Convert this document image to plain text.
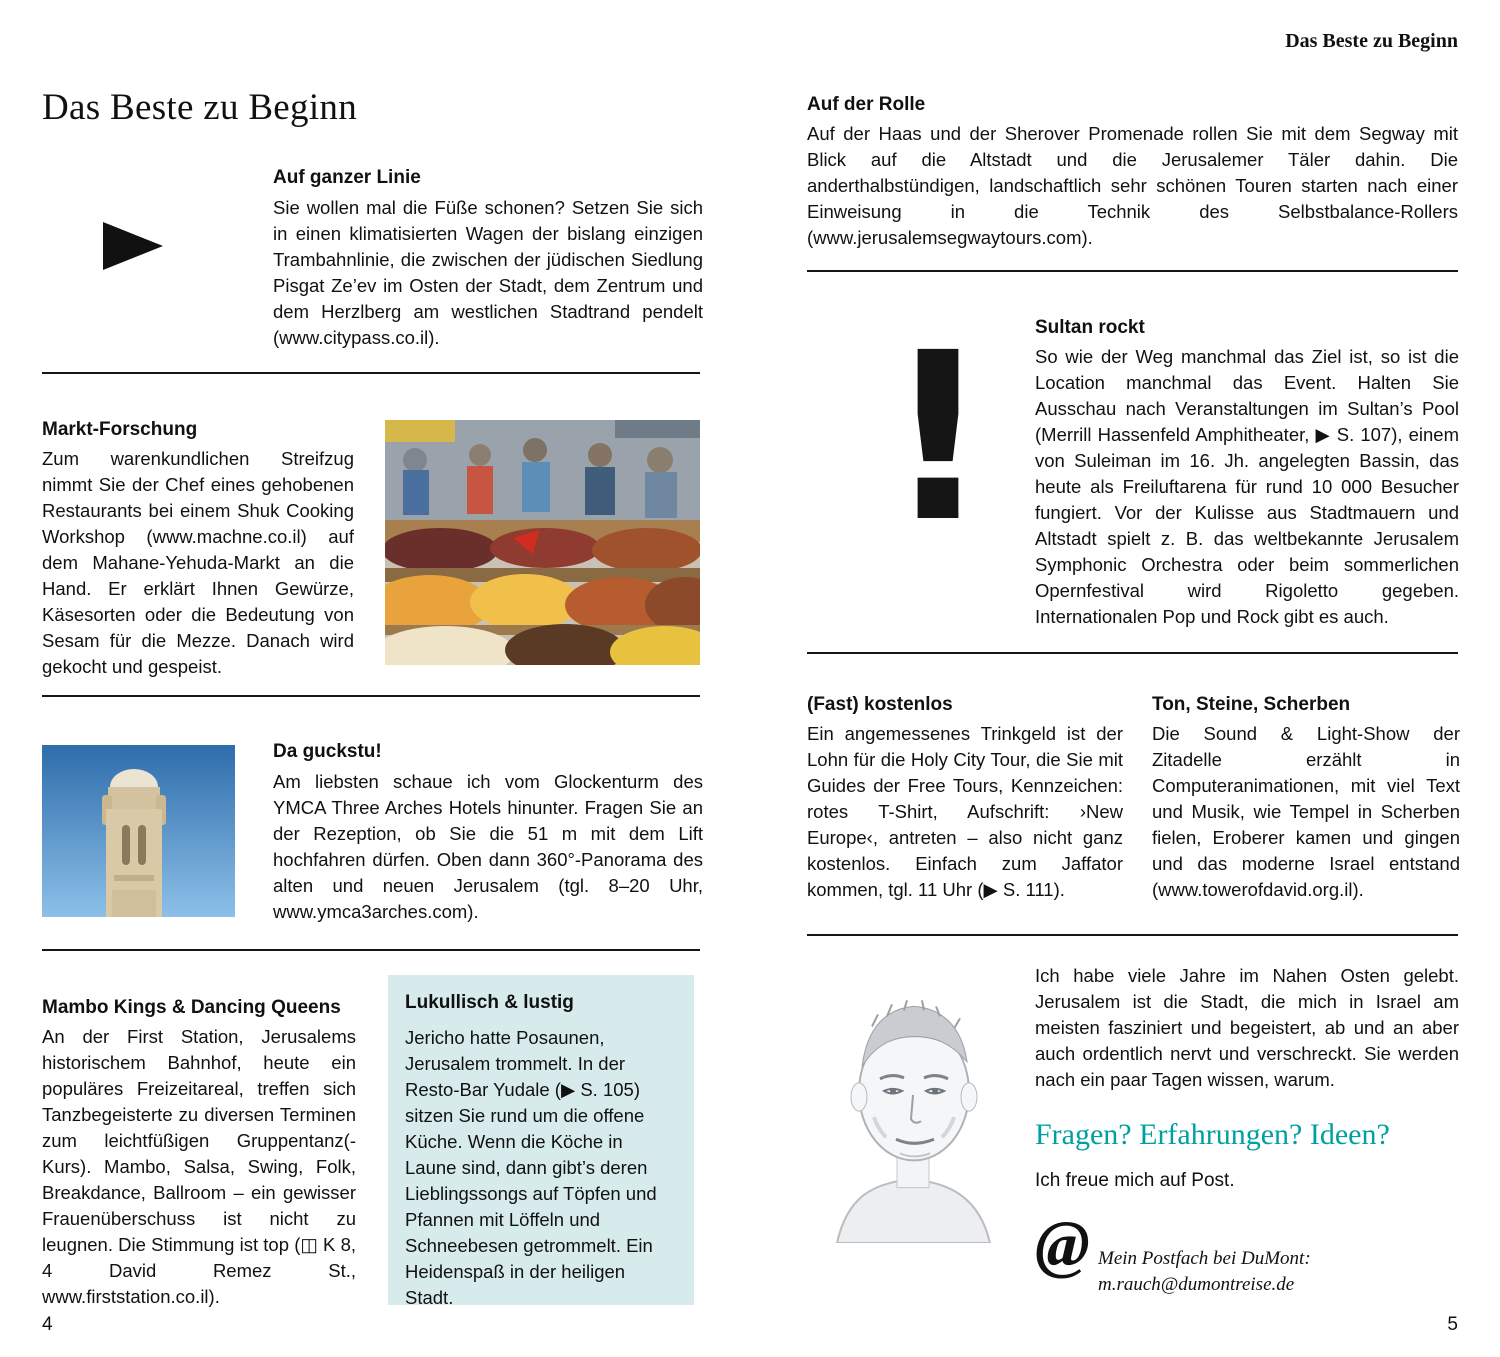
Das Beste zu Beginn
Auf ganzer Linie

Sie wollen mal die Füße schonen? Setzen Sie sich in einen klimatisierten Wagen der bislang einzigen Trambahnlinie, die zwischen der jüdischen Siedlung Pisgat Ze’ev im Osten der Stadt, dem Zentrum und dem Herzlberg am westlichen Stadtrand pendelt (www.citypass.co.il).

Markt-Forschung

Zum warenkundlichen Streifzug nimmt Sie der Chef eines gehobenen Restaurants bei einem Shuk Cooking Workshop (www.machne.co.il) auf dem Mahane-Yehuda-Markt an die Hand. Er erklärt Ihnen Gewürze, Käsesorten oder die Bedeutung von Sesam für die Mezze. Danach wird gekocht und gespeist.

Da guckstu!

Am liebsten schaue ich vom Glockenturm des YMCA Three Arches Hotels hinunter. Fragen Sie an der Rezeption, ob Sie die 51 m mit dem Lift hochfahren dürfen. Oben dann 360°-Panorama des alten und neuen Jerusalem (tgl. 8–20 Uhr, www.ymca3arches.com).

Mambo Kings & Dancing Queens

An der First Station, Jerusalems historischem Bahnhof, heute ein populäres Freizeitareal, treffen sich Tanzbegeisterte zu diversen Terminen zum leichtfüßigen Gruppentanz(-Kurs). Mambo, Salsa, Swing, Folk, Breakdance, Ballroom – ein gewisser Frauenüberschuss ist nicht zu leugnen. Die Stimmung ist top (◫ K 8, 4 David Remez St., www.firststation.co.il).

Lukullisch & lustig

Jericho hatte Posaunen, Jerusalem trommelt. In der Resto-Bar Yudale (▶ S. 105) sitzen Sie rund um die offene Küche. Wenn die Köche in Laune sind, dann gibt’s deren Lieblingssongs auf Töpfen und Pfannen mit Löffeln und Schneebesen getrommelt. Ein Heidenspaß in der heiligen Stadt.

4
Das Beste zu Beginn
Auf der Rolle

Auf der Haas und der Sherover Promenade rollen Sie mit dem Segway mit Blick auf die Altstadt und die Jerusalemer Täler dahin. Die anderthalbstündigen, landschaftlich sehr schönen Touren starten nach einer Einweisung in die Technik des Selbstbalance-Rollers (www.jerusalemsegwaytours.com).

!	Sultan rockt

So wie der Weg manchmal das Ziel ist, so ist die Location manchmal das Event. Halten Sie Ausschau nach Veranstaltungen im Sultan’s Pool (Merrill Hassenfeld Amphitheater, ▶ S. 107), einem von Suleiman im 16. Jh. angelegten Bassin, das heute als Freiluftarena für rund 10 000 Besucher fungiert. Vor der Kulisse aus Stadtmauern und Altstadt spielt z. B. das weltbekannte Jerusalem Symphonic Orchestra oder beim sommerlichen Opernfestival wird Rigoletto gegeben. Internationalen Pop und Rock gibt es auch.

(Fast) kostenlos

Ein angemessenes Trinkgeld ist der Lohn für die Holy City Tour, die Sie mit Guides der Free Tours, Kennzeichen: rotes T-Shirt, Aufschrift: ›New Europe‹, antreten – also nicht ganz kostenlos. Einfach zum Jaffator kommen, tgl. 11 Uhr (▶ S. 111).

Ton, Steine, Scherben

Die Sound & Light-Show der Zitadelle erzählt in Computeranimationen, mit viel Text und Musik, wie Tempel in Scherben fielen, Eroberer kamen und gingen und das moderne Israel entstand (www.towerofdavid.org.il).

Ich habe viele Jahre im Nahen Osten gelebt. Jerusalem ist die Stadt, die mich in Israel am meisten fasziniert und begeistert, ab und an aber auch ordentlich nervt und verschreckt. Sie werden nach ein paar Tagen wissen, warum.

Fragen? Erfahrungen? Ideen?

Ich freue mich auf Post.

@ Mein Postfach bei DuMont:
m.rauch@dumontreise.de
5
